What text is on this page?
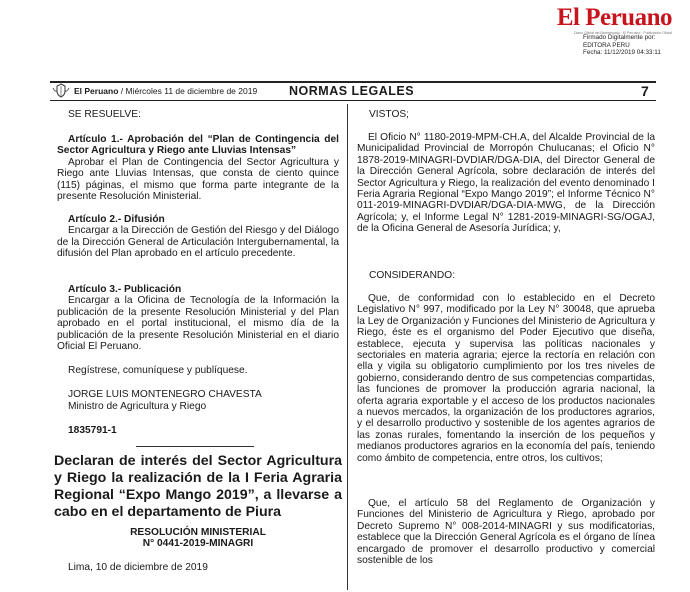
El Peruano
Diario Oficial del Bicentenario · El Peruano · Publicación Oficial
Firmado Digitalmente por:
EDITORA PERU
Fecha: 11/12/2019 04:33:11
El Peruano / Miércoles 11 de diciembre de 2019	NORMAS LEGALES	7
SE RESUELVE:
Artículo 1.- Aprobación del “Plan de Contingencia del Sector Agricultura y Riego ante Lluvias Intensas”
Aprobar el Plan de Contingencia del Sector Agricultura y Riego ante Lluvias Intensas, que consta de ciento quince (115) páginas, el mismo que forma parte integrante de la presente Resolución Ministerial.
Artículo 2.- Difusión
Encargar a la Dirección de Gestión del Riesgo y del Diálogo de la Dirección General de Articulación Intergubernamental, la difusión del Plan aprobado en el artículo precedente.
Artículo 3.- Publicación
Encargar a la Oficina de Tecnología de la Información la publicación de la presente Resolución Ministerial y del Plan aprobado en el portal institucional, el mismo día de la publicación de la presente Resolución Ministerial en el diario Oficial El Peruano.
Regístrese, comuníquese y publíquese.
JORGE LUIS MONTENEGRO CHAVESTA
Ministro de Agricultura y Riego
1835791-1
Declaran de interés del Sector Agricultura y Riego la realización de la I Feria Agraria Regional “Expo Mango 2019”, a llevarse a cabo en el departamento de Piura
RESOLUCIÓN MINISTERIAL
N° 0441-2019-MINAGRI
Lima, 10 de diciembre de 2019
VISTOS;
El Oficio N° 1180-2019-MPM-CH.A, del Alcalde Provincial de la Municipalidad Provincial de Morropón Chulucanas; el Oficio N° 1878-2019-MINAGRI-DVDIAR/DGA-DIA, del Director General de la Dirección General Agrícola, sobre declaración de interés del Sector Agricultura y Riego, la realización del evento denominado I Feria Agraria Regional “Expo Mango 2019”; el Informe Técnico N° 011-2019-MINAGRI-DVDIAR/DGA-DIA-MWG, de la Dirección Agrícola; y, el Informe Legal N° 1281-2019-MINAGRI-SG/OGAJ, de la Oficina General de Asesoría Jurídica; y,
CONSIDERANDO:
Que, de conformidad con lo establecido en el Decreto Legislativo N° 997, modificado por la Ley N° 30048, que aprueba la Ley de Organización y Funciones del Ministerio de Agricultura y Riego, éste es el organismo del Poder Ejecutivo que diseña, establece, ejecuta y supervisa las políticas nacionales y sectoriales en materia agraria; ejerce la rectoría en relación con ella y vigila su obligatorio cumplimiento por los tres niveles de gobierno, considerando dentro de sus competencias compartidas, las funciones de promover la producción agraria nacional, la oferta agraria exportable y el acceso de los productos nacionales a nuevos mercados, la organización de los productores agrarios, y el desarrollo productivo y sostenible de los agentes agrarios de las zonas rurales, fomentando la inserción de los pequeños y medianos productores agrarios en la economía del país, teniendo como ámbito de competencia, entre otros, los cultivos;
Que, el artículo 58 del Reglamento de Organización y Funciones del Ministerio de Agricultura y Riego, aprobado por Decreto Supremo N° 008-2014-MINAGRI y sus modificatorias, establece que la Dirección General Agrícola es el órgano de línea encargado de promover el desarrollo productivo y comercial sostenible de los
